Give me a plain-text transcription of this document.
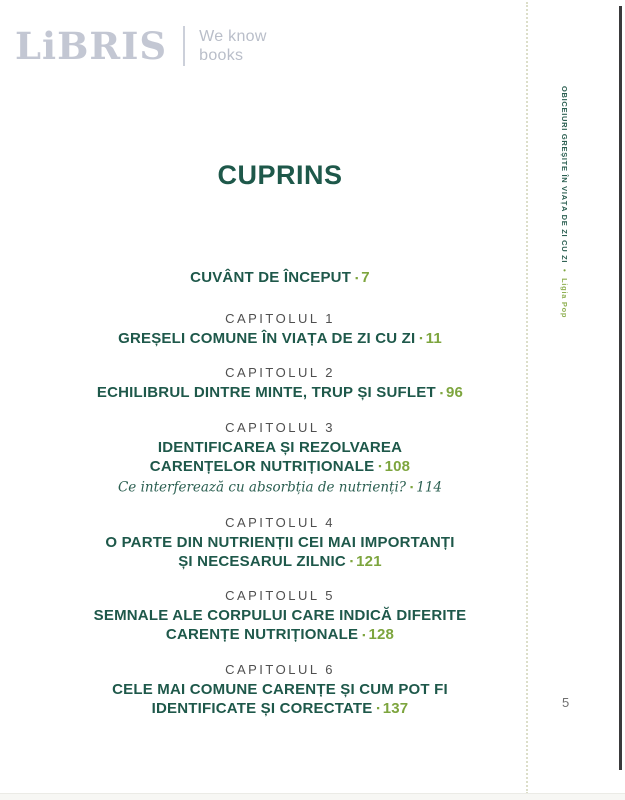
LiBRIS We know
books
OBICEIURI GREȘITE ÎN VIAȚA DE ZI CU ZI • Ligia Pop
CUPRINS
CUVÂNT DE ÎNCEPUT ▪ 7
CAPITOLUL 1
GREȘELI COMUNE ÎN VIAȚA DE ZI CU ZI ▪ 11
CAPITOLUL 2
ECHILIBRUL DINTRE MINTE, TRUP ȘI SUFLET ▪ 96
CAPITOLUL 3
IDENTIFICAREA ȘI REZOLVAREA
CARENȚELOR NUTRIȚIONALE ▪ 108
Ce interferează cu absorbția de nutrienți? ▪ 114
CAPITOLUL 4
O PARTE DIN NUTRIENȚII CEI MAI IMPORTANȚI
ȘI NECESARUL ZILNIC ▪ 121
CAPITOLUL 5
SEMNALE ALE CORPULUI CARE INDICĂ DIFERITE
CARENȚE NUTRIȚIONALE ▪ 128
CAPITOLUL 6
CELE MAI COMUNE CARENȚE ȘI CUM POT FI
IDENTIFICATE ȘI CORECTATE ▪ 137	5
